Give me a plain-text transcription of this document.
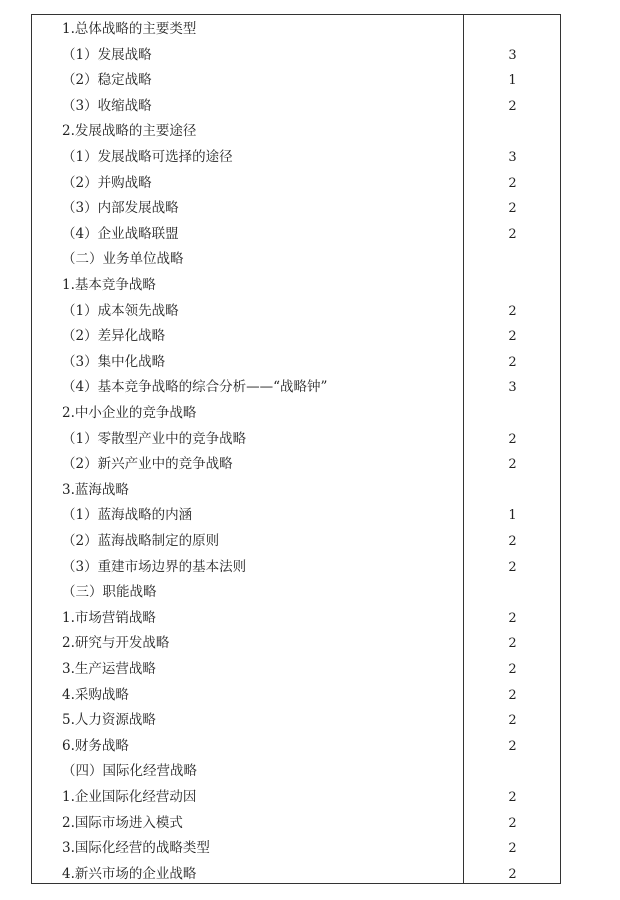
1.总体战略的主要类型
（1）发展战略	3
（2）稳定战略	1
（3）收缩战略	2
2.发展战略的主要途径
（1）发展战略可选择的途径	3
（2）并购战略	2
（3）内部发展战略	2
（4）企业战略联盟	2
（二）业务单位战略
1.基本竞争战略
（1）成本领先战略	2
（2）差异化战略	2
（3）集中化战略	2
（4）基本竞争战略的综合分析——“战略钟”	3
2.中小企业的竞争战略
（1）零散型产业中的竞争战略	2
（2）新兴产业中的竞争战略	2
3.蓝海战略
（1）蓝海战略的内涵	1
（2）蓝海战略制定的原则	2
（3）重建市场边界的基本法则	2
（三）职能战略
1.市场营销战略	2
2.研究与开发战略	2
3.生产运营战略	2
4.采购战略	2
5.人力资源战略	2
6.财务战略	2
（四）国际化经营战略
1.企业国际化经营动因	2
2.国际市场进入模式	2
3.国际化经营的战略类型	2
4.新兴市场的企业战略	2
